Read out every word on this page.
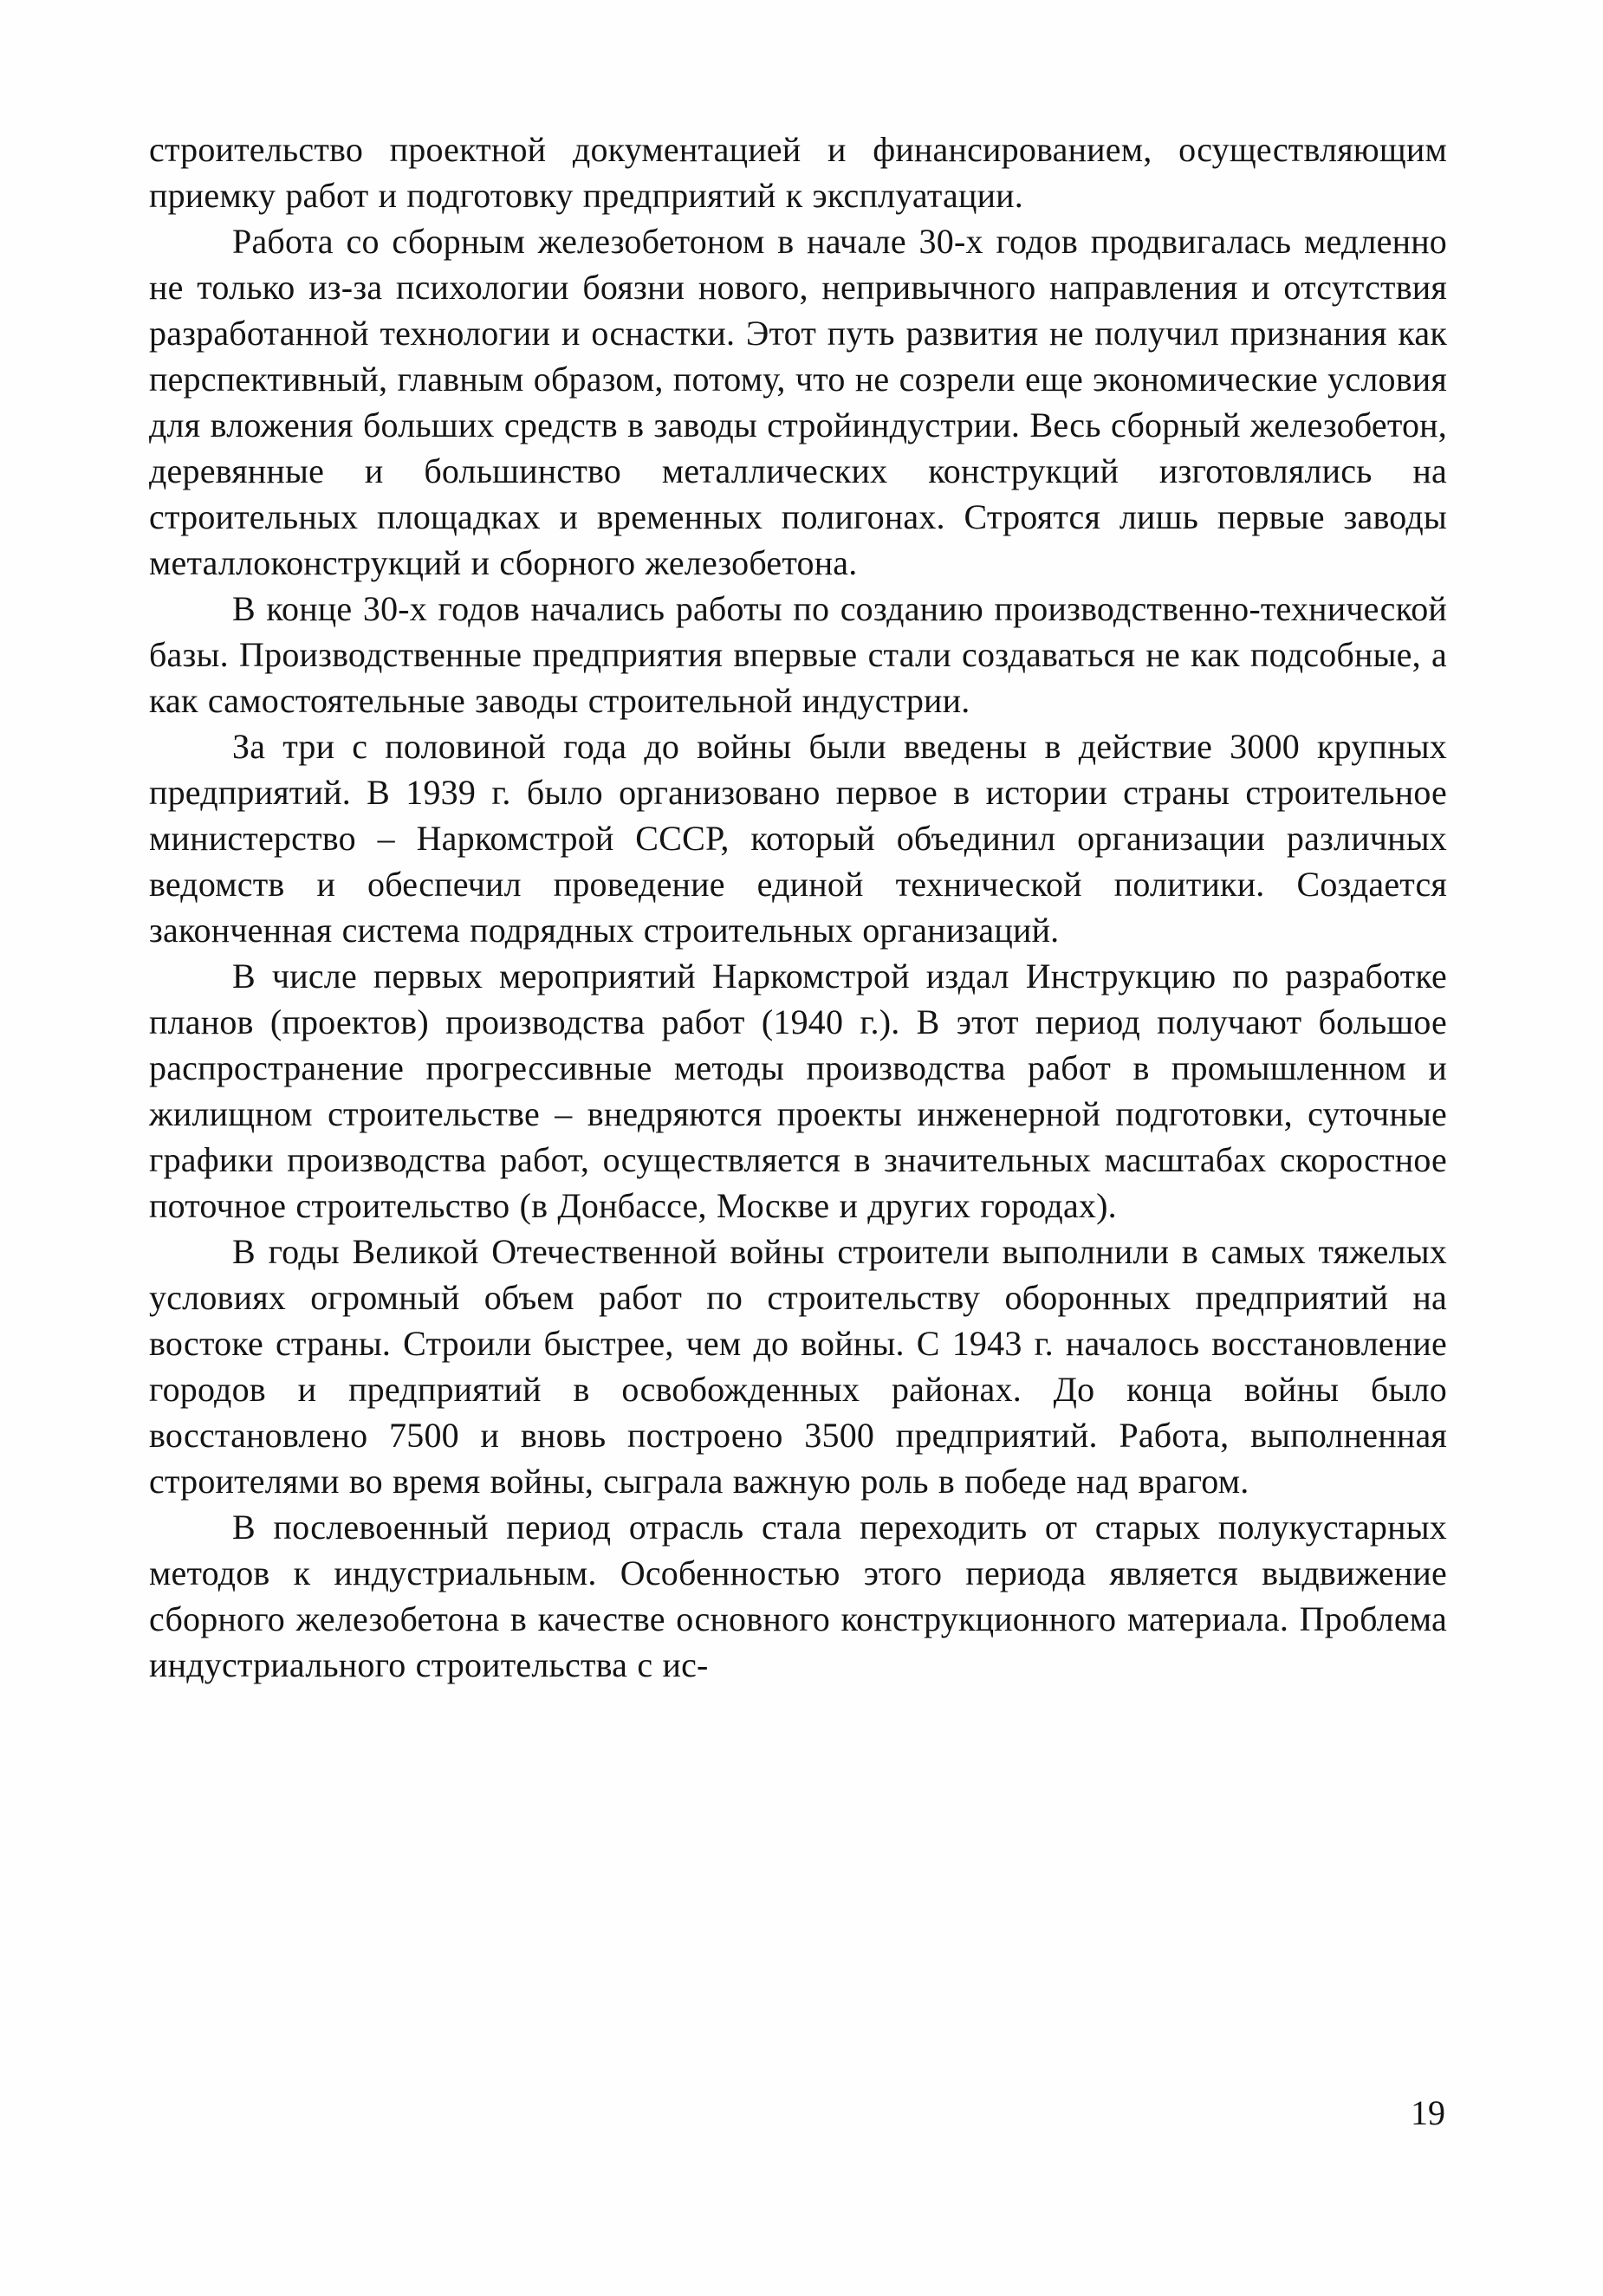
строительство проектной документацией и финансированием, осуществляющим приемку работ и подготовку предприятий к эксплуатации.

Работа со сборным железобетоном в начале 30-х годов продвигалась медленно не только из-за психологии боязни нового, непривычного направления и отсутствия разработанной технологии и оснастки. Этот путь развития не получил признания как перспективный, главным образом, потому, что не созрели еще экономические условия для вложения больших средств в заводы стройиндустрии. Весь сборный железобетон, деревянные и большинство металлических конструкций изготовлялись на строительных площадках и временных полигонах. Строятся лишь первые заводы металлоконструкций и сборного железобетона.

В конце 30-х годов начались работы по созданию производственно-технической базы. Производственные предприятия впервые стали создаваться не как подсобные, а как самостоятельные заводы строительной индустрии.

За три с половиной года до войны были введены в действие 3000 крупных предприятий. В 1939 г. было организовано первое в истории страны строительное министерство – Наркомстрой СССР, который объединил организации различных ведомств и обеспечил проведение единой технической политики. Создается законченная система подрядных строительных организаций.

В числе первых мероприятий Наркомстрой издал Инструкцию по разработке планов (проектов) производства работ (1940 г.). В этот период получают большое распространение прогрессивные методы производства работ в промышленном и жилищном строительстве – внедряются проекты инженерной подготовки, суточные графики производства работ, осуществляется в значительных масштабах скоростное поточное строительство (в Донбассе, Москве и других городах).

В годы Великой Отечественной войны строители выполнили в самых тяжелых условиях огромный объем работ по строительству оборонных предприятий на востоке страны. Строили быстрее, чем до войны. С 1943 г. началось восстановление городов и предприятий в освобожденных районах. До конца войны было восстановлено 7500 и вновь построено 3500 предприятий. Работа, выполненная строителями во время войны, сыграла важную роль в победе над врагом.

В послевоенный период отрасль стала переходить от старых полукустарных методов к индустриальным. Особенностью этого периода является выдвижение сборного железобетона в качестве основного конструкционного материала. Проблема индустриального строительства с ис-

19
